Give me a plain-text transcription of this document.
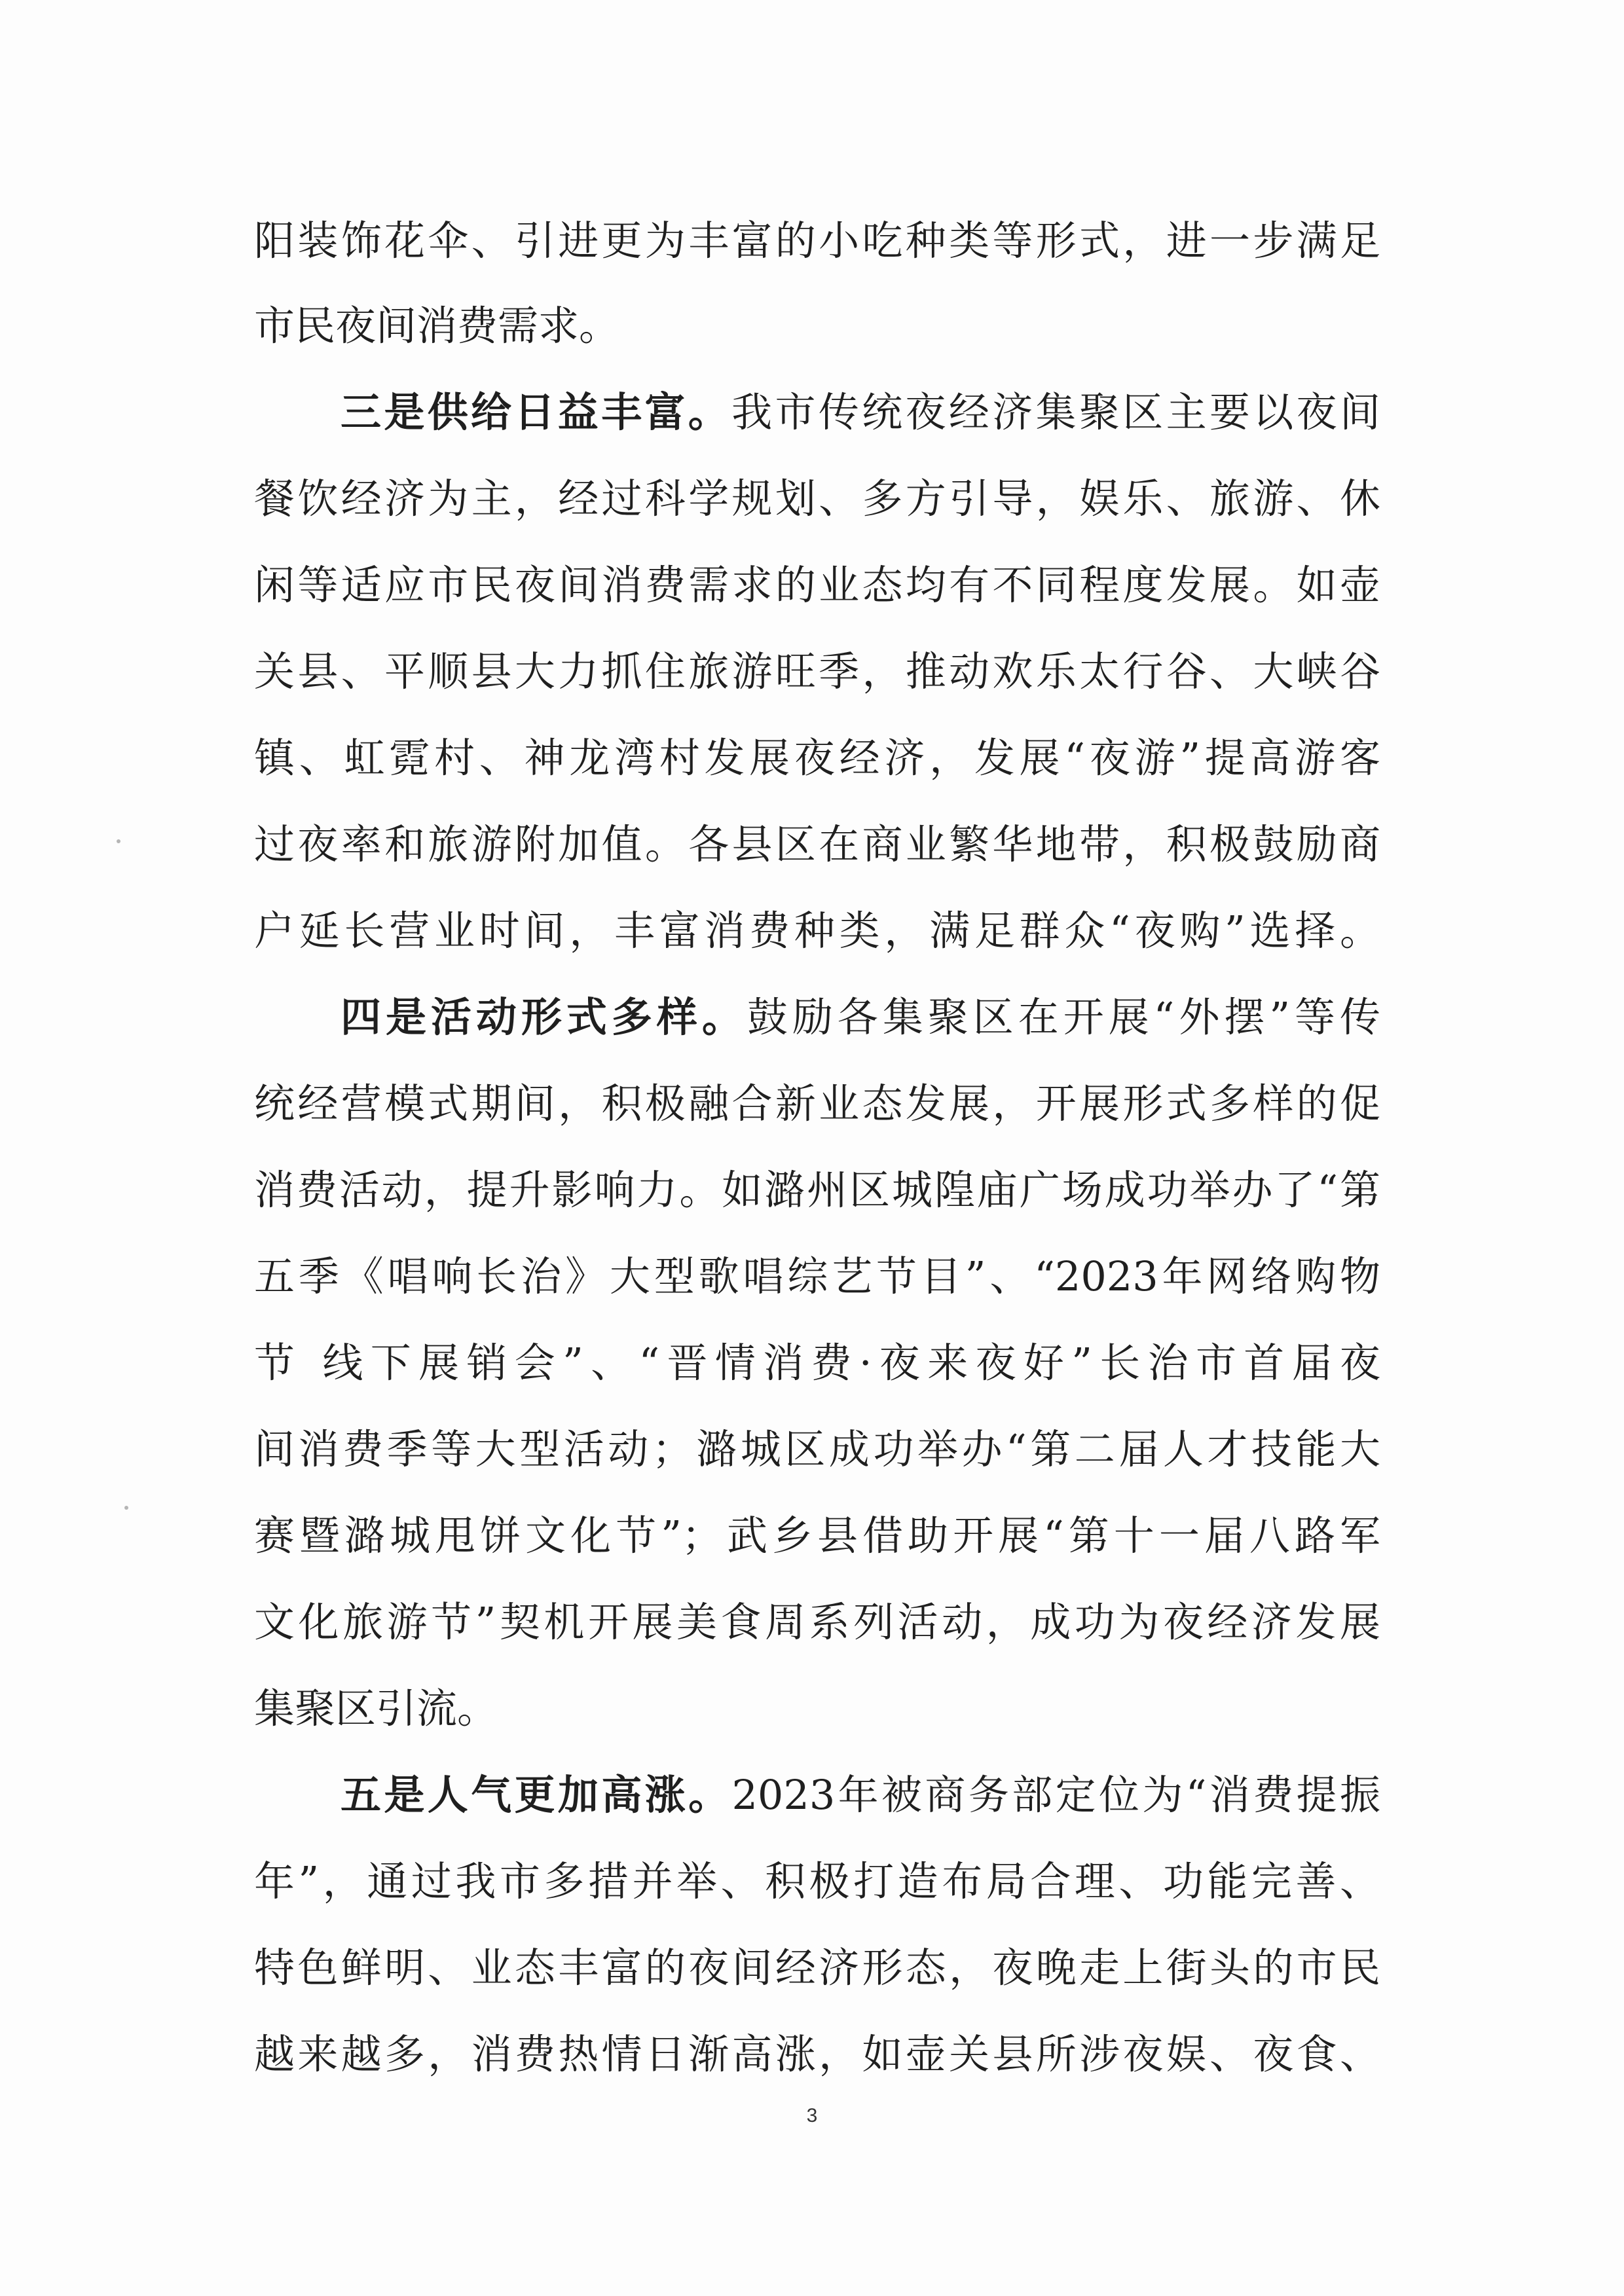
阳装饰花伞、引进更为丰富的小吃种类等形式，进一步满足
市民夜间消费需求。
三是供给日益丰富。我市传统夜经济集聚区主要以夜间
餐饮经济为主，经过科学规划、多方引导，娱乐、旅游、休
闲等适应市民夜间消费需求的业态均有不同程度发展。如壶
关县、平顺县大力抓住旅游旺季，推动欢乐太行谷、大峡谷
镇、虹霓村、神龙湾村发展夜经济，发展“夜游”提高游客
过夜率和旅游附加值。各县区在商业繁华地带，积极鼓励商
户延长营业时间，丰富消费种类，满足群众“夜购”选择。
四是活动形式多样。鼓励各集聚区在开展“外摆”等传
统经营模式期间，积极融合新业态发展，开展形式多样的促
消费活动，提升影响力。如潞州区城隍庙广场成功举办了“第
五季《唱响长治》大型歌唱综艺节目”、“2023年网络购物
节 线下展销会”、“晋情消费·夜来夜好”长治市首届夜
间消费季等大型活动；潞城区成功举办“第二届人才技能大
赛暨潞城甩饼文化节”；武乡县借助开展“第十一届八路军
文化旅游节”契机开展美食周系列活动，成功为夜经济发展
集聚区引流。
五是人气更加高涨。2023年被商务部定位为“消费提振
年”，通过我市多措并举、积极打造布局合理、功能完善、
特色鲜明、业态丰富的夜间经济形态，夜晚走上街头的市民
越来越多，消费热情日渐高涨，如壶关县所涉夜娱、夜食、
3
